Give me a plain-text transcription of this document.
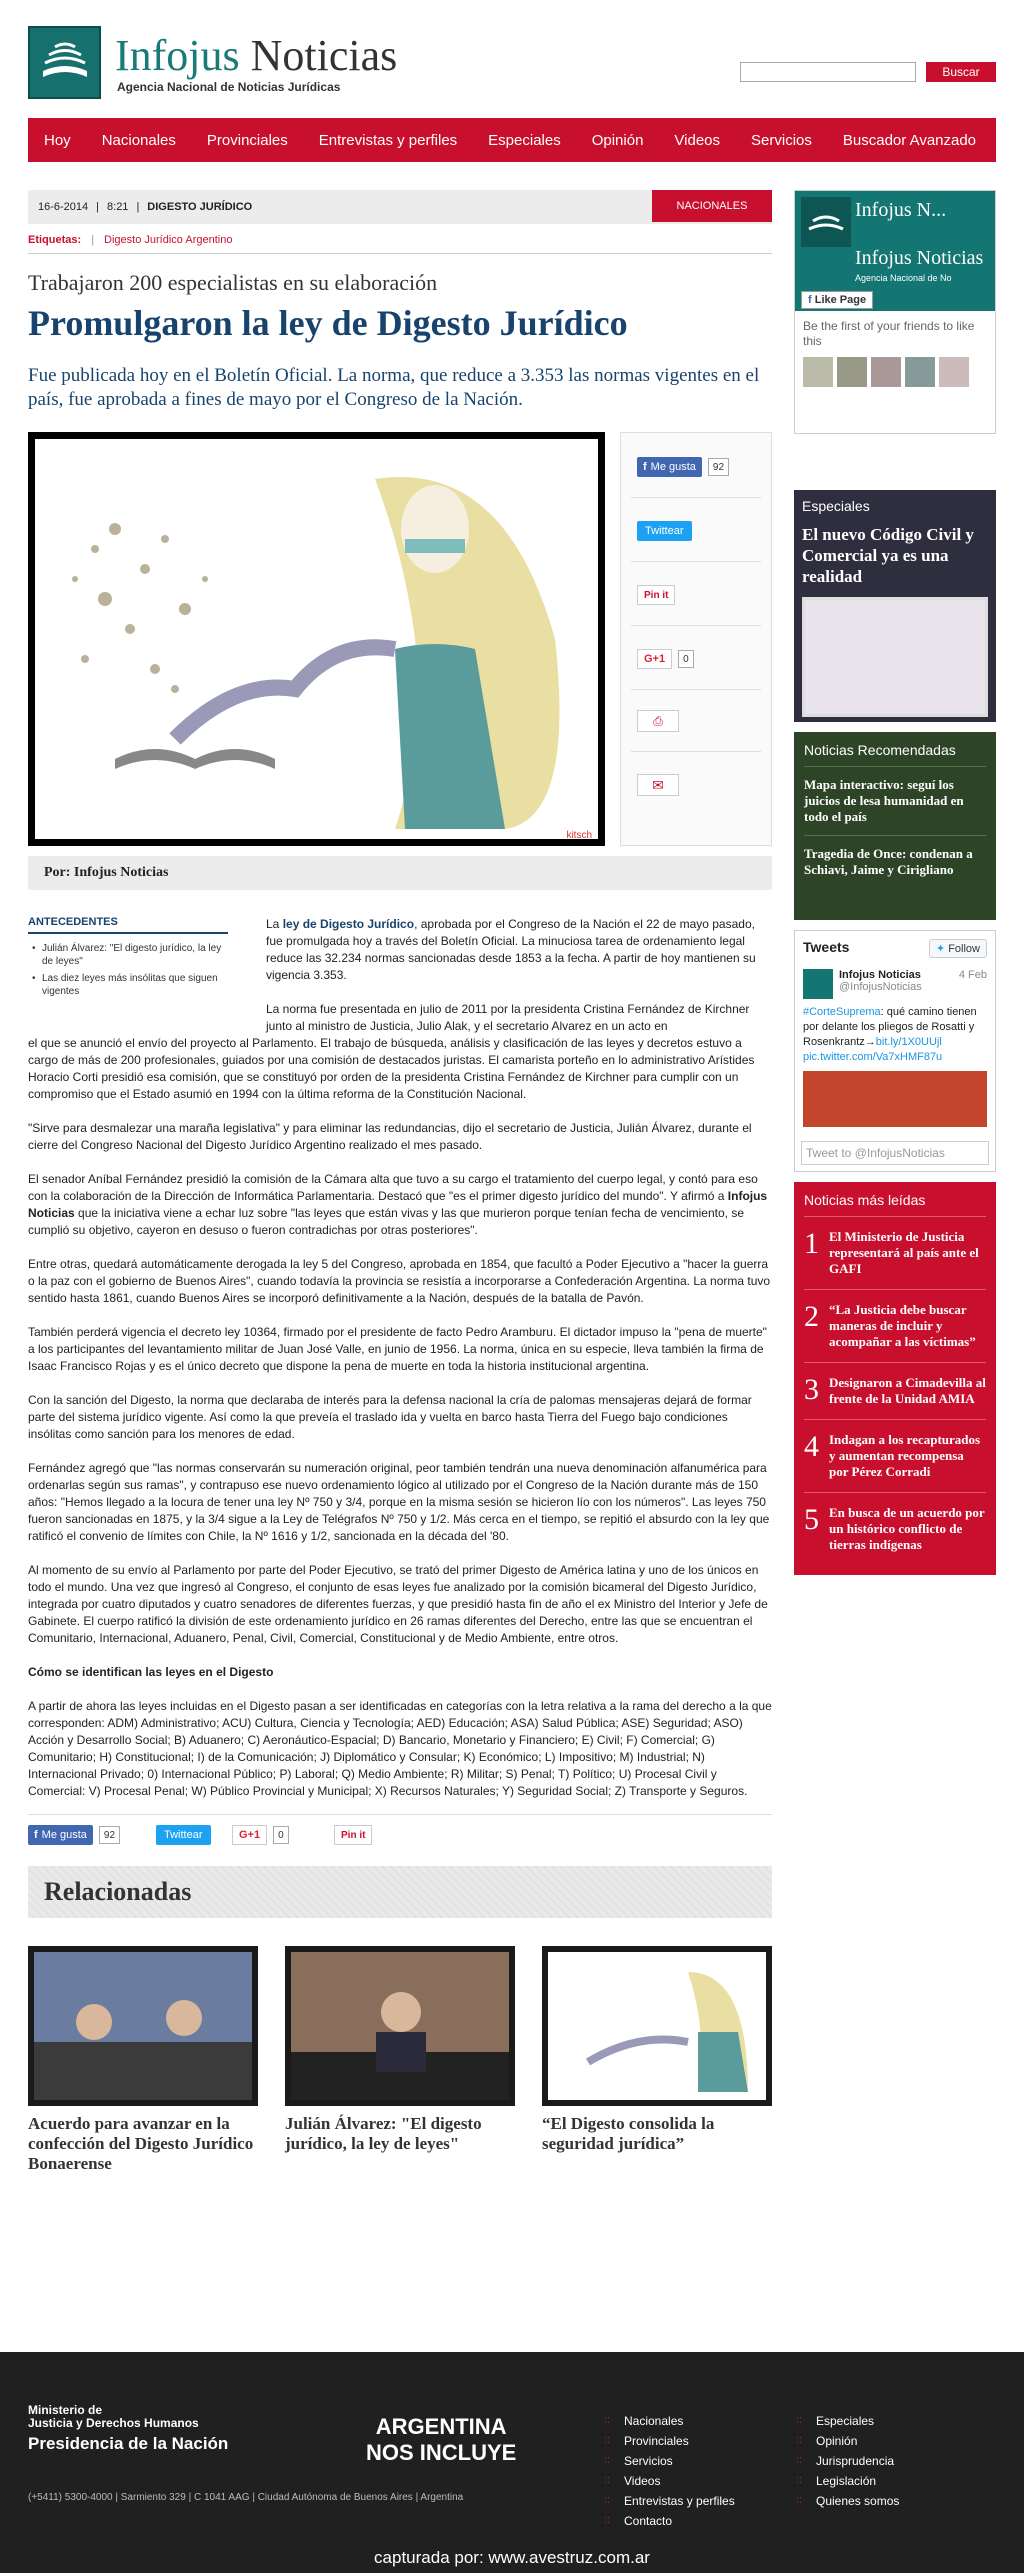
Infojus Noticias
Agencia Nacional de Noticias Jurídicas
Buscar
Hoy Nacionales Provinciales Entrevistas y perfiles Especiales Opinión Videos Servicios Buscador Avanzado
16-6-2014 | 8:21 | DIGESTO JURÍDICO	NACIONALES
Etiquetas: | Digesto Jurídico Argentino
Trabajaron 200 especialistas en su elaboración
Promulgaron la ley de Digesto Jurídico
Fue publicada hoy en el Boletín Oficial. La norma, que reduce a 3.353 las normas vigentes en el país, fue aprobada a fines de mayo por el Congreso de la Nación.
kitsch
f Me gusta	92
Twittear
Pin it
G+1	0
⎙
✉
Por: Infojus Noticias
ANTECEDENTES
• Julián Álvarez: "El digesto jurídico, la ley de leyes"
• Las diez leyes más insólitas que siguen vigentes

La ley de Digesto Jurídico, aprobada por el Congreso de la Nación el 22 de mayo pasado, fue promulgada hoy a través del Boletín Oficial. La minuciosa tarea de ordenamiento legal reduce las 32.234 normas sancionadas desde 1853 a la fecha. A partir de hoy mantienen su vigencia 3.353.

La norma fue presentada en julio de 2011 por la presidenta Cristina Fernández de Kirchner junto al ministro de Justicia, Julio Alak, y el secretario Alvarez en un acto en

el que se anunció el envío del proyecto al Parlamento. El trabajo de búsqueda, análisis y clasificación de las leyes y decretos estuvo a cargo de más de 200 profesionales, guiados por una comisión de destacados juristas. El camarista porteño en lo administrativo Arístides Horacio Corti presidió esa comisión, que se constituyó por orden de la presidenta Cristina Fernández de Kirchner para cumplir con un compromiso que el Estado asumió en 1994 con la última reforma de la Constitución Nacional.

"Sirve para desmalezar una maraña legislativa" y para eliminar las redundancias, dijo el secretario de Justicia, Julián Álvarez, durante el cierre del Congreso Nacional del Digesto Jurídico Argentino realizado el mes pasado.

El senador Aníbal Fernández presidió la comisión de la Cámara alta que tuvo a su cargo el tratamiento del cuerpo legal, y contó para eso con la colaboración de la Dirección de Informática Parlamentaria. Destacó que "es el primer digesto jurídico del mundo". Y afirmó a Infojus Noticias que la iniciativa viene a echar luz sobre "las leyes que están vivas y las que murieron porque tenían fecha de vencimiento, se cumplió su objetivo, cayeron en desuso o fueron contradichas por otras posteriores".

Entre otras, quedará automáticamente derogada la ley 5 del Congreso, aprobada en 1854, que facultó a Poder Ejecutivo a "hacer la guerra o la paz con el gobierno de Buenos Aires", cuando todavía la provincia se resistía a incorporarse a Confederación Argentina. La norma tuvo sentido hasta 1861, cuando Buenos Aires se incorporó definitivamente a la Nación, después de la batalla de Pavón.

También perderá vigencia el decreto ley 10364, firmado por el presidente de facto Pedro Aramburu. El dictador impuso la "pena de muerte" a los participantes del levantamiento militar de Juan José Valle, en junio de 1956. La norma, única en su especie, lleva también la firma de Isaac Francisco Rojas y es el único decreto que dispone la pena de muerte en toda la historia institucional argentina.

Con la sanción del Digesto, la norma que declaraba de interés para la defensa nacional la cría de palomas mensajeras dejará de formar parte del sistema jurídico vigente. Así como la que preveía el traslado ida y vuelta en barco hasta Tierra del Fuego bajo condiciones insólitas como sanción para los menores de edad.

Fernández agregó que "las normas conservarán su numeración original, peor también tendrán una nueva denominación alfanumérica para ordenarlas según sus ramas", y contrapuso ese nuevo ordenamiento lógico al utilizado por el Congreso de la Nación durante más de 150 años: "Hemos llegado a la locura de tener una ley Nº 750 y 3/4, porque en la misma sesión se hicieron lío con los números". Las leyes 750 fueron sancionadas en 1875, y la 3/4 sigue a la Ley de Telégrafos Nº 750 y 1/2. Más cerca en el tiempo, se repitió el absurdo con la ley que ratificó el convenio de límites con Chile, la Nº 1616 y 1/2, sancionada en la década del '80.

Al momento de su envío al Parlamento por parte del Poder Ejecutivo, se trató del primer Digesto de América latina y uno de los únicos en todo el mundo. Una vez que ingresó al Congreso, el conjunto de esas leyes fue analizado por la comisión bicameral del Digesto Jurídico, integrada por cuatro diputados y cuatro senadores de diferentes fuerzas, y que presidió hasta fin de año el ex Ministro del Interior y Jefe de Gabinete. El cuerpo ratificó la división de este ordenamiento jurídico en 26 ramas diferentes del Derecho, entre las que se encuentran el Comunitario, Internacional, Aduanero, Penal, Civil, Comercial, Constitucional y de Medio Ambiente, entre otros.

Cómo se identifican las leyes en el Digesto

A partir de ahora las leyes incluidas en el Digesto pasan a ser identificadas en categorías con la letra relativa a la rama del derecho a la que corresponden: ADM) Administrativo; ACU) Cultura, Ciencia y Tecnología; AED) Educación; ASA) Salud Pública; ASE) Seguridad; ASO) Acción y Desarrollo Social; B) Aduanero; C) Aeronáutico-Espacial; D) Bancario, Monetario y Financiero; E) Civil; F) Comercial; G) Comunitario; H) Constitucional; I) de la Comunicación; J) Diplomático y Consular; K) Económico; L) Impositivo; M) Industrial; N) Internacional Privado; 0) Internacional Público; P) Laboral; Q) Medio Ambiente; R) Militar; S) Penal; T) Político; U) Procesal Civil y Comercial: V) Procesal Penal; W) Público Provincial y Municipal; X) Recursos Naturales; Y) Seguridad Social; Z) Transporte y Seguros.

f Me gusta	92	Twittear	G+1	0	Pin it
Relacionadas
Acuerdo para avanzar en la confección del Digesto Jurídico Bonaerense
Julián Álvarez: "El digesto jurídico, la ley de leyes"
“El Digesto consolida la seguridad jurídica”
Infojus N...
Infojus Noticias
Agencia Nacional de No
f Like Page
Be the first of your friends to like this
Especiales
El nuevo Código Civil y Comercial ya es una realidad
Noticias Recomendadas
Mapa interactivo: seguí los juicios de lesa humanidad en todo el país
Tragedia de Once: condenan a Schiavi, Jaime y Cirigliano
Tweets	✦ Follow
Infojus Noticias	4 Feb
@InfojusNoticias
#CorteSuprema: qué camino tienen por delante los pliegos de Rosatti y Rosenkrantz→bit.ly/1X0UUjl pic.twitter.com/Va7xHMF87u
Tweet to @InfojusNoticias
Noticias más leídas
1 El Ministerio de Justicia representará al país ante el GAFI
2 “La Justicia debe buscar maneras de incluir y acompañar a las víctimas”
3 Designaron a Cimadevilla al frente de la Unidad AMIA
4 Indagan a los recapturados y aumentan recompensa por Pérez Corradi
5 En busca de un acuerdo por un histórico conflicto de tierras indígenas
Ministerio de
Justicia y Derechos Humanos
Presidencia de la Nación
(+5411) 5300-4000 | Sarmiento 329 | C 1041 AAG | Ciudad Autónoma de Buenos Aires | Argentina
ARGENTINA
NOS INCLUYE
:: Nacionales
:: Provinciales
:: Servicios
:: Videos
:: Entrevistas y perfiles
:: Contacto
:: Especiales
:: Opinión
:: Jurisprudencia
:: Legislación
:: Quienes somos
capturada por: www.avestruz.com.ar
